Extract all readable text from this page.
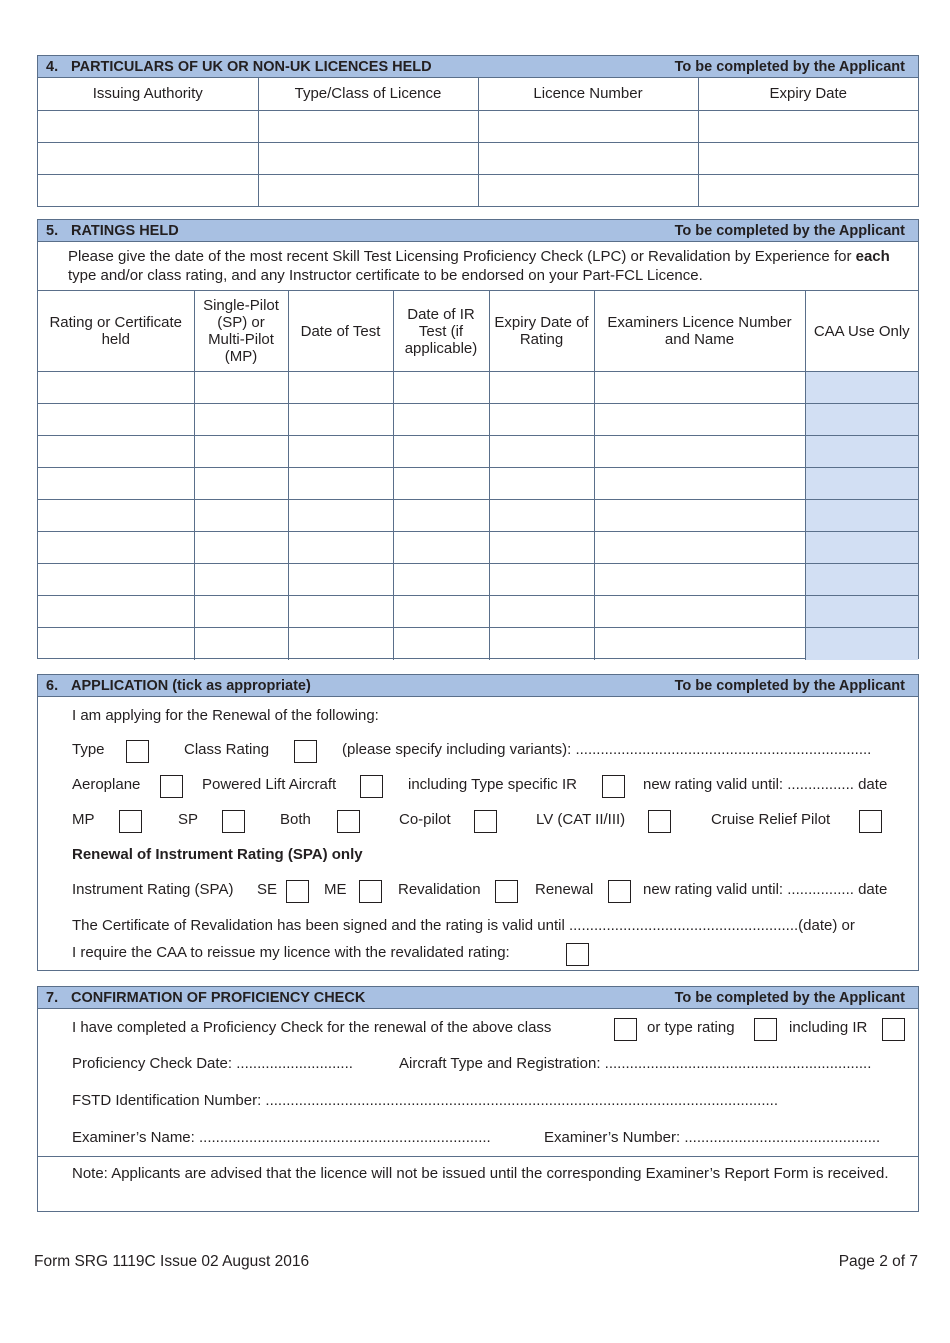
4. PARTICULARS OF UK OR NON-UK LICENCES HELD	To be completed by the Applicant
Issuing Authority	Type/Class of Licence	Licence Number	Expiry Date

5. RATINGS HELD	To be completed by the Applicant
Please give the date of the most recent Skill Test Licensing Proficiency Check (LPC) or Revalidation by Experience for each type and/or class rating, and any Instructor certificate to be endorsed on your Part-FCL Licence.
Rating or Certificate held	Single-Pilot (SP) or Multi-Pilot (MP)	Date of Test	Date of IR Test (if applicable)	Expiry Date of Rating	Examiners Licence Number and Name	CAA Use Only

6. APPLICATION (tick as appropriate)	To be completed by the Applicant
I am applying for the Renewal of the following:
Type	Class Rating	(please specify including variants): .......................................................................
Aeroplane	Powered Lift Aircraft	including Type specific IR	new rating valid until: ................ date
MP	SP	Both	Co-pilot	LV (CAT II/III)	Cruise Relief Pilot
Renewal of Instrument Rating (SPA) only
Instrument Rating (SPA) SE	ME	Revalidation	Renewal	new rating valid until: ................ date
The Certificate of Revalidation has been signed and the rating is valid until .......................................................(date) or
I require the CAA to reissue my licence with the revalidated rating:
7. CONFIRMATION OF PROFICIENCY CHECK	To be completed by the Applicant
I have completed a Proficiency Check for the renewal of the above class	or type rating	including IR
Proficiency Check Date: ............................	Aircraft Type and Registration: ................................................................
FSTD Identification Number: ...........................................................................................................................
Examiner’s Name: ......................................................................	Examiner’s Number: ...............................................
Note: Applicants are advised that the licence will not be issued until the corresponding Examiner’s Report Form is received.
Form SRG 1119C Issue 02 August 2016	Page 2 of 7
